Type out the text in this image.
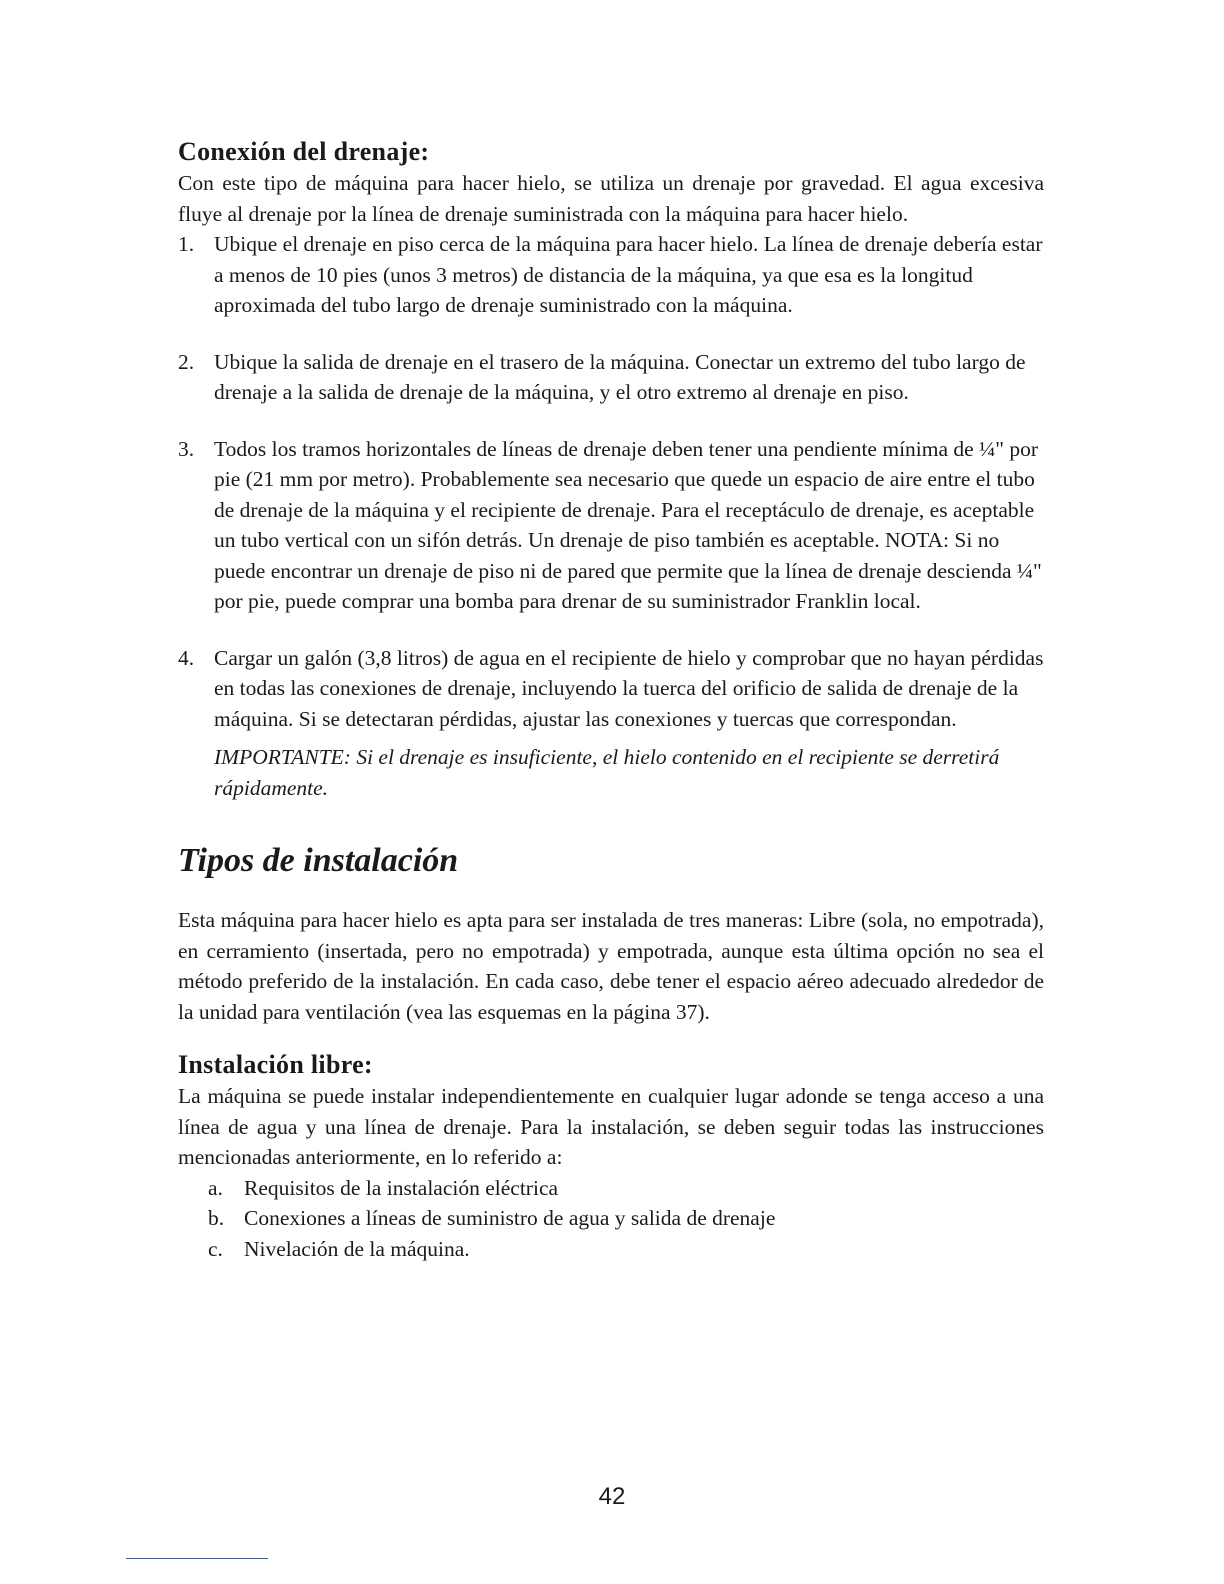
Conexión del drenaje:

Con este tipo de máquina para hacer hielo, se utiliza un drenaje por gravedad. El agua excesiva fluye al drenaje por la línea de drenaje suministrada con la máquina para hacer hielo.

1. Ubique el drenaje en piso cerca de la máquina para hacer hielo. La línea de drenaje debería estar a menos de 10 pies (unos 3 metros) de distancia de la máquina, ya que esa es la longitud aproximada del tubo largo de drenaje suministrado con la máquina.
2. Ubique la salida de drenaje en el trasero de la máquina. Conectar un extremo del tubo largo de drenaje a la salida de drenaje de la máquina, y el otro extremo al drenaje en piso.
3. Todos los tramos horizontales de líneas de drenaje deben tener una pendiente mínima de ¼" por pie (21 mm por metro). Probablemente sea necesario que quede un espacio de aire entre el tubo de drenaje de la máquina y el recipiente de drenaje. Para el receptáculo de drenaje, es aceptable un tubo vertical con un sifón detrás. Un drenaje de piso también es aceptable. NOTA: Si no puede encontrar un drenaje de piso ni de pared que permite que la línea de drenaje descienda ¼" por pie, puede comprar una bomba para drenar de su suministrador Franklin local.
4. Cargar un galón (3,8 litros) de agua en el recipiente de hielo y comprobar que no hayan pérdidas en todas las conexiones de drenaje, incluyendo la tuerca del orificio de salida de drenaje de la máquina. Si se detectaran pérdidas, ajustar las conexiones y tuercas que correspondan.
IMPORTANTE: Si el drenaje es insuficiente, el hielo contenido en el recipiente se derretirá rápidamente.
Tipos de instalación

Esta máquina para hacer hielo es apta para ser instalada de tres maneras: Libre (sola, no empotrada), en cerramiento (insertada, pero no empotrada) y empotrada, aunque esta última opción no sea el método preferido de la instalación. En cada caso, debe tener el espacio aéreo adecuado alrededor de la unidad para ventilación (vea las esquemas en la página 37).

Instalación libre:

La máquina se puede instalar independientemente en cualquier lugar adonde se tenga acceso a una línea de agua y una línea de drenaje. Para la instalación, se deben seguir todas las instrucciones mencionadas anteriormente, en lo referido a:

a. Requisitos de la instalación eléctrica
b. Conexiones a líneas de suministro de agua y salida de drenaje
c. Nivelación de la máquina.
42
